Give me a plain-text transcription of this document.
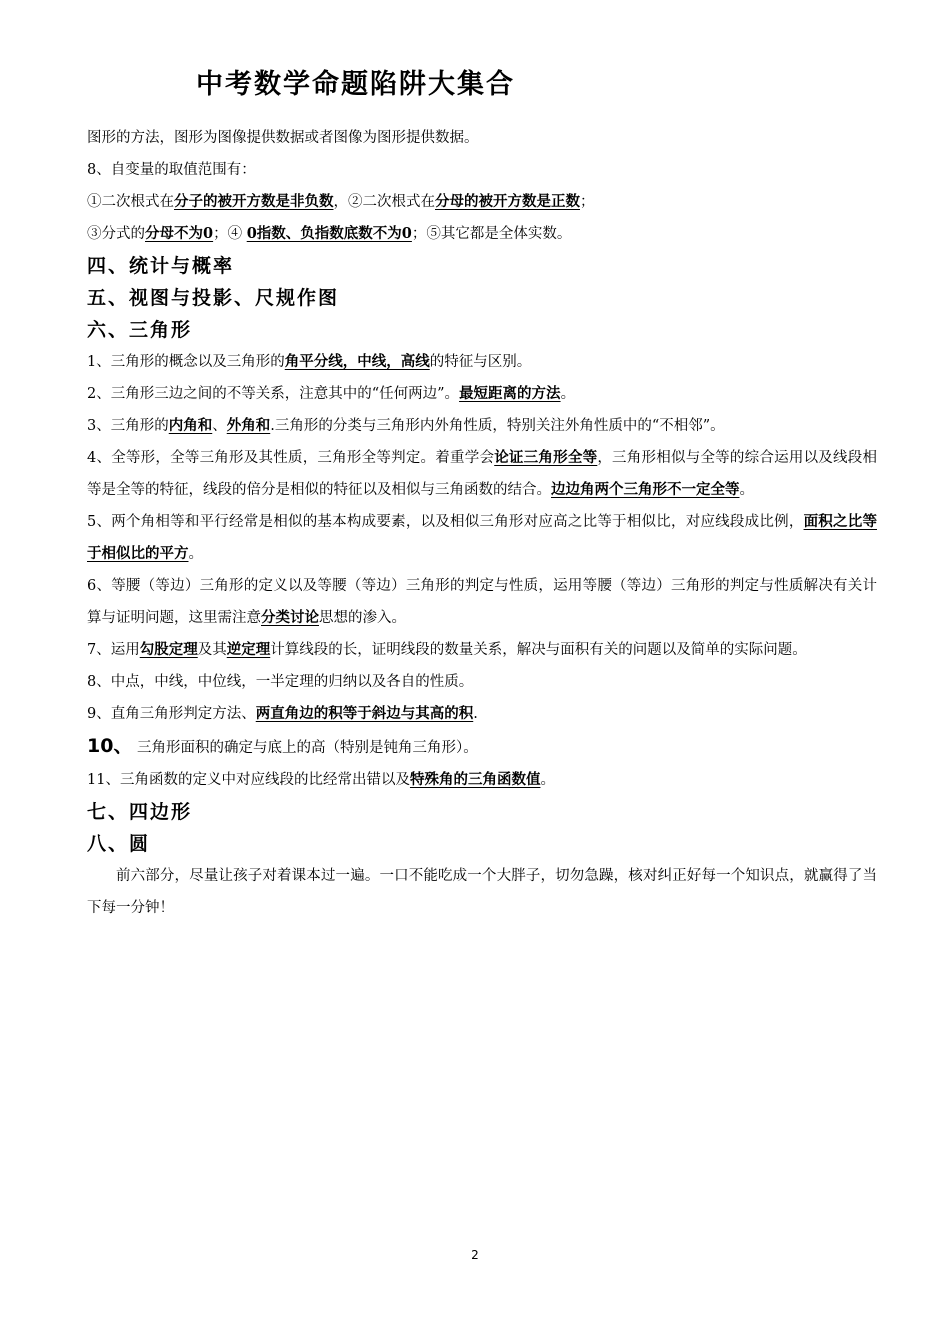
中考数学命题陷阱大集合

图形的方法，图形为图像提供数据或者图像为图形提供数据。

8、自变量的取值范围有：

①二次根式在分子的被开方数是非负数，②二次根式在分母的被开方数是正数；

③分式的分母不为0；④ 0指数、负指数底数不为0；⑤其它都是全体实数。

四、统计与概率

五、视图与投影、尺规作图

六、三角形

1、三角形的概念以及三角形的角平分线，中线，高线的特征与区别。

2、三角形三边之间的不等关系，注意其中的“任何两边”。最短距离的方法。

3、三角形的内角和、外角和.三角形的分类与三角形内外角性质，特别关注外角性质中的“不相邻”。

4、全等形，全等三角形及其性质，三角形全等判定。着重学会论证三角形全等，三角形相似与全等的综合运用以及线段相等是全等的特征，线段的倍分是相似的特征以及相似与三角函数的结合。边边角两个三角形不一定全等。

5、两个角相等和平行经常是相似的基本构成要素，以及相似三角形对应高之比等于相似比，对应线段成比例，面积之比等于相似比的平方。

6、等腰（等边）三角形的定义以及等腰（等边）三角形的判定与性质，运用等腰（等边）三角形的判定与性质解决有关计算与证明问题，这里需注意分类讨论思想的渗入。

7、运用勾股定理及其逆定理计算线段的长，证明线段的数量关系，解决与面积有关的问题以及简单的实际问题。

8、中点，中线，中位线，一半定理的归纳以及各自的性质。

9、直角三角形判定方法、两直角边的积等于斜边与其高的积.

10、 三角形面积的确定与底上的高（特别是钝角三角形）。

11、三角函数的定义中对应线段的比经常出错以及特殊角的三角函数值。

七、四边形

八、圆

前六部分，尽量让孩子对着课本过一遍。一口不能吃成一个大胖子，切勿急躁，核对纠正好每一个知识点，就赢得了当下每一分钟！

2
